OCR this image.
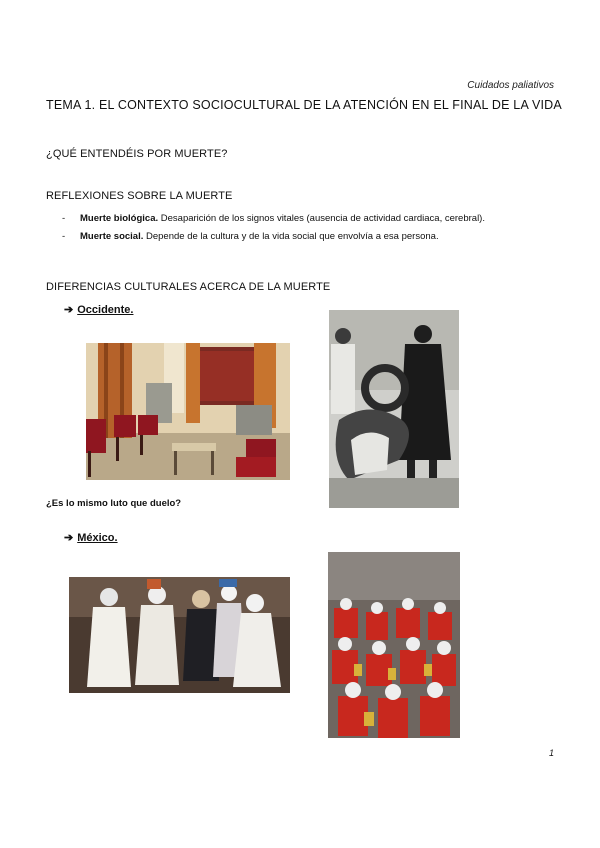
Cuidados paliativos
TEMA 1. EL CONTEXTO SOCIOCULTURAL DE LA ATENCIÓN EN EL FINAL DE LA VIDA
¿QUÉ ENTENDÉIS POR MUERTE?
REFLEXIONES SOBRE LA MUERTE
- Muerte biológica. Desaparición de los signos vitales (ausencia de actividad cardiaca, cerebral).
- Muerte social. Depende de la cultura y de la vida social que envolvía a esa persona.
DIFERENCIAS CULTURALES ACERCA DE LA MUERTE
➔ Occidente.
¿Es lo mismo luto que duelo?
➔ México.
1
